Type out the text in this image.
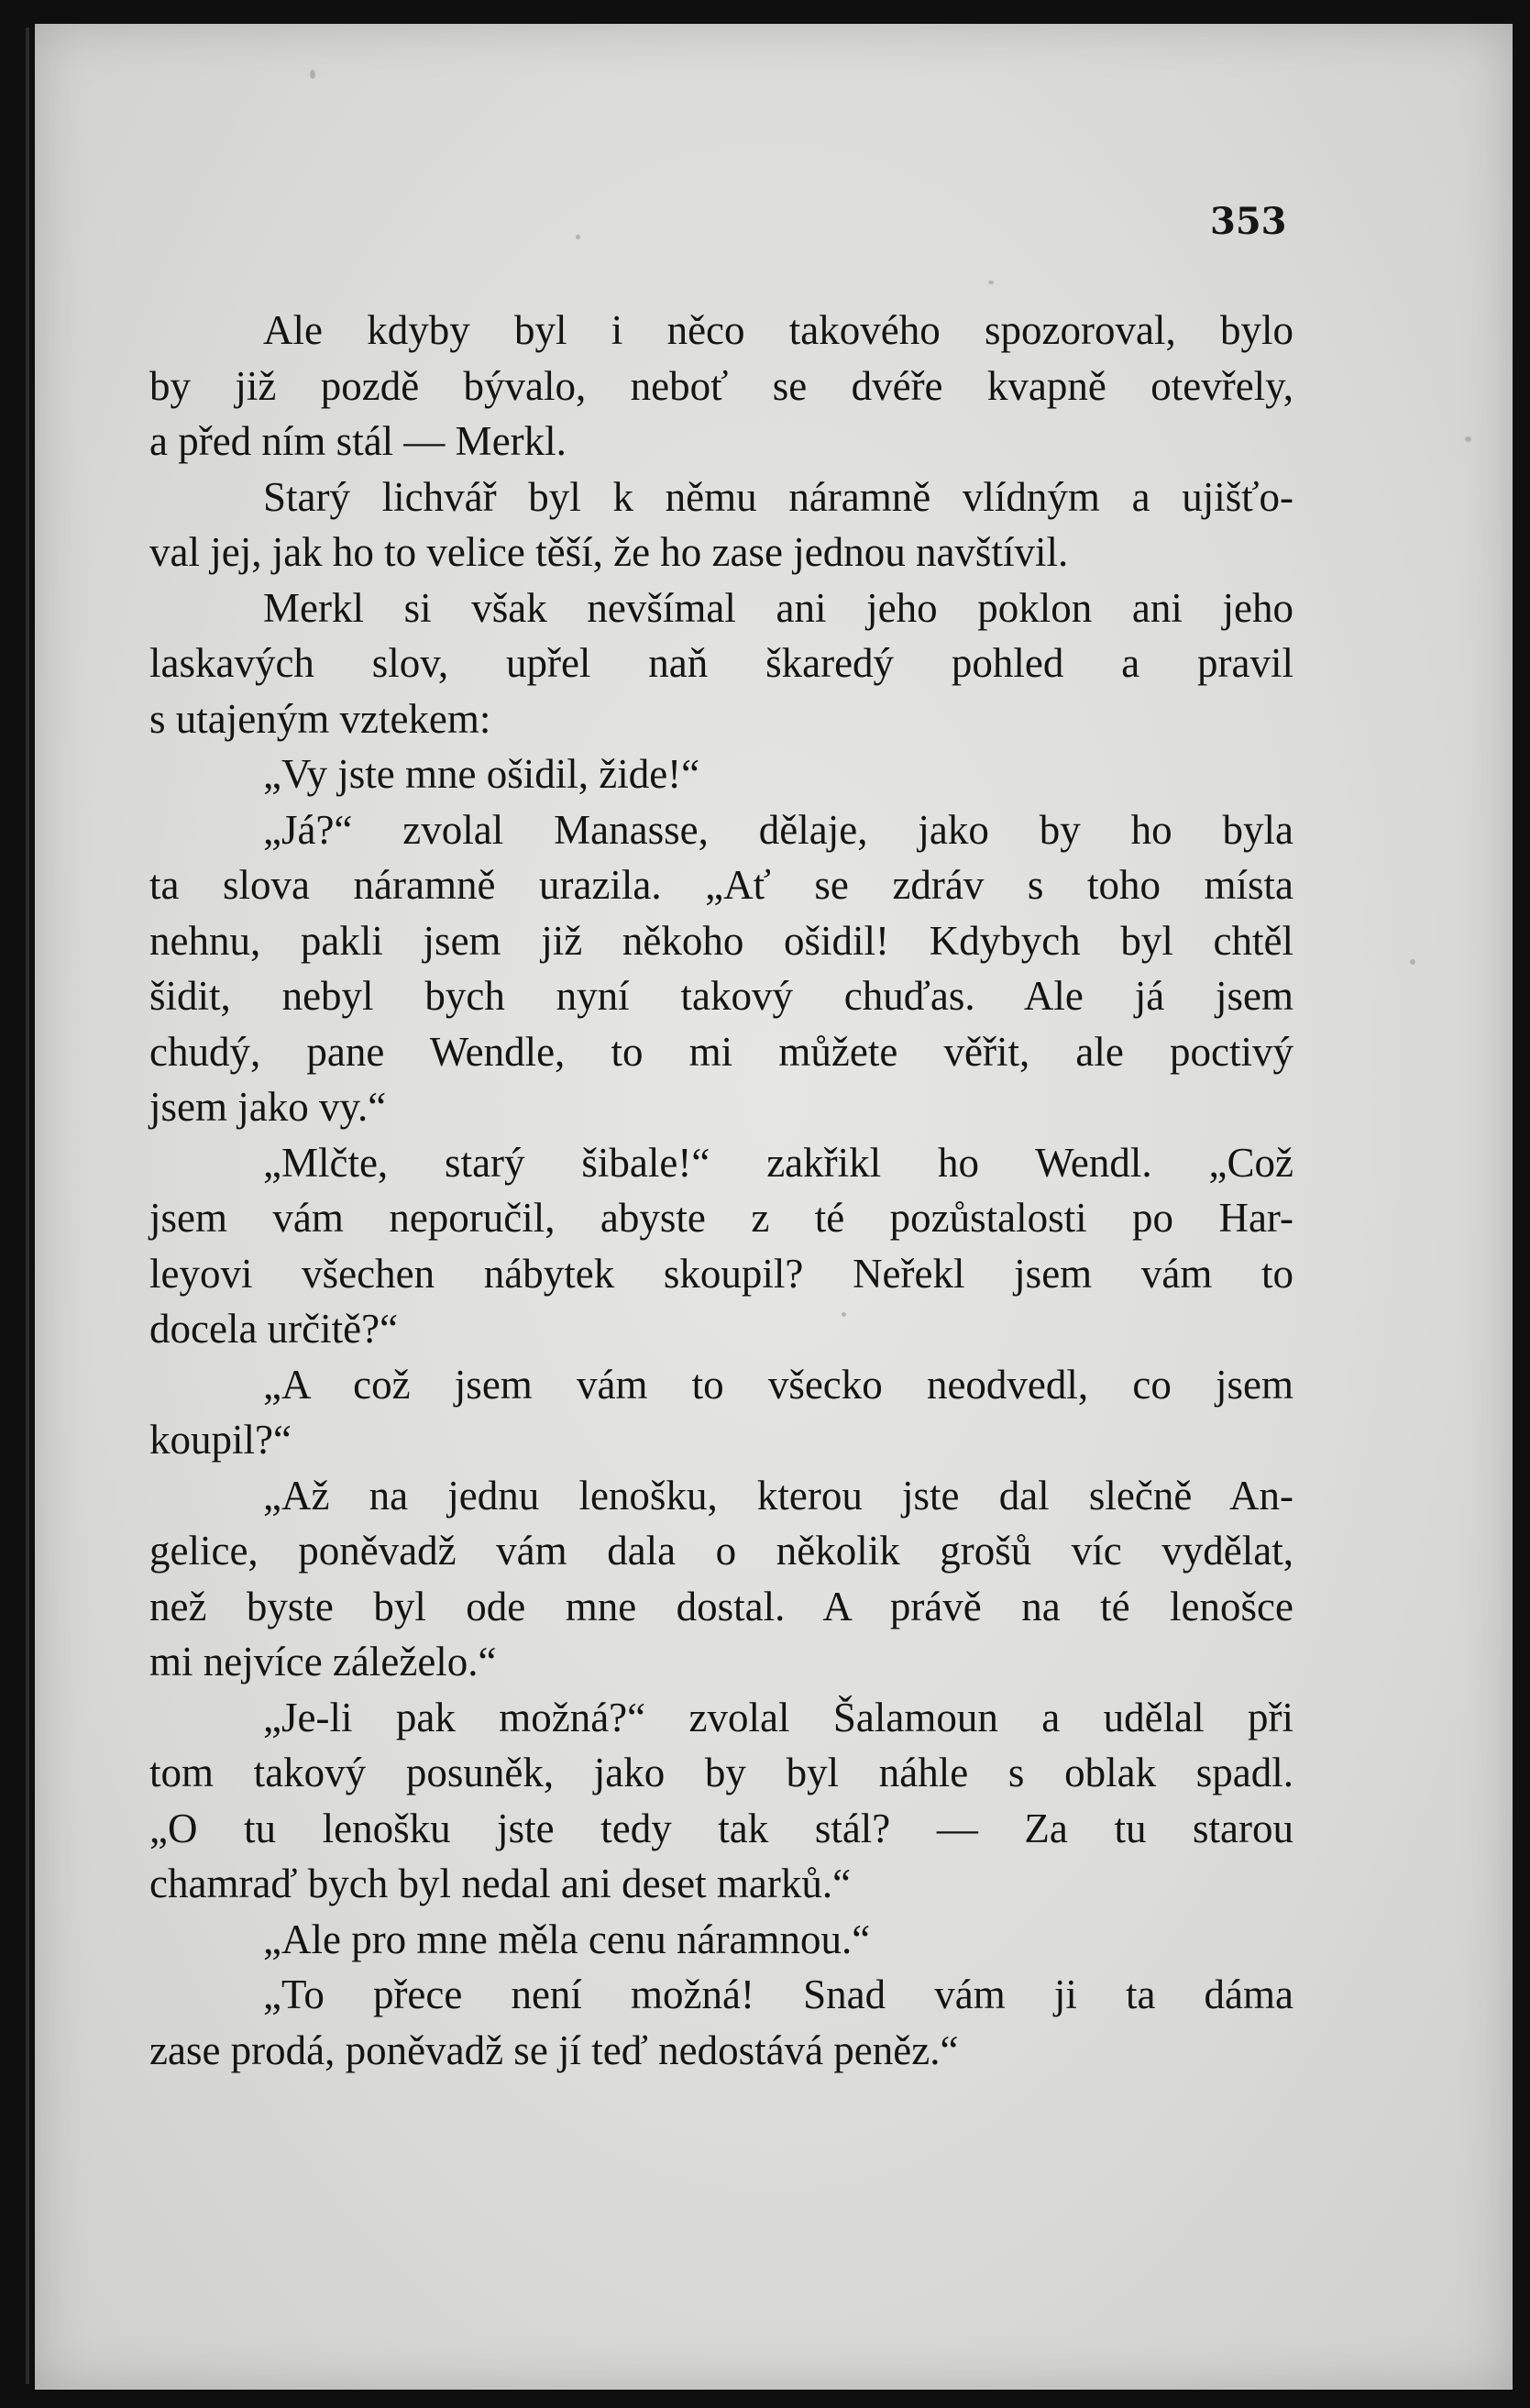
353
Ale kdyby byl i něco takového spozoroval, bylo
by již pozdě bývalo, neboť se dvéře kvapně otevřely,
a před ním stál — Merkl.
Starý lichvář byl k němu náramně vlídným a ujišťo-
val jej, jak ho to velice těší, že ho zase jednou navštívil.
Merkl si však nevšímal ani jeho poklon ani jeho
laskavých slov, upřel naň škaredý pohled a pravil
s utajeným vztekem:
„Vy jste mne ošidil, žide!“
„Já?“ zvolal Manasse, dělaje, jako by ho byla
ta slova náramně urazila. „Ať se zdráv s toho místa
nehnu, pakli jsem již někoho ošidil! Kdybych byl chtěl
šidit, nebyl bych nyní takový chuďas. Ale já jsem
chudý, pane Wendle, to mi můžete věřit, ale poctivý
jsem jako vy.“
„Mlčte, starý šibale!“ zakřikl ho Wendl. „Což
jsem vám neporučil, abyste z té pozůstalosti po Har-
leyovi všechen nábytek skoupil? Neřekl jsem vám to
docela určitě?“
„A což jsem vám to všecko neodvedl, co jsem
koupil?“
„Až na jednu lenošku, kterou jste dal slečně An-
gelice, poněvadž vám dala o několik grošů víc vydělat,
než byste byl ode mne dostal. A právě na té lenošce
mi nejvíce záleželo.“
„Je-li pak možná?“ zvolal Šalamoun a udělal při
tom takový posuněk, jako by byl náhle s oblak spadl.
„O tu lenošku jste tedy tak stál? — Za tu starou
chamraď bych byl nedal ani deset marků.“
„Ale pro mne měla cenu náramnou.“
„To přece není možná! Snad vám ji ta dáma
zase prodá, poněvadž se jí teď nedostává peněz.“
